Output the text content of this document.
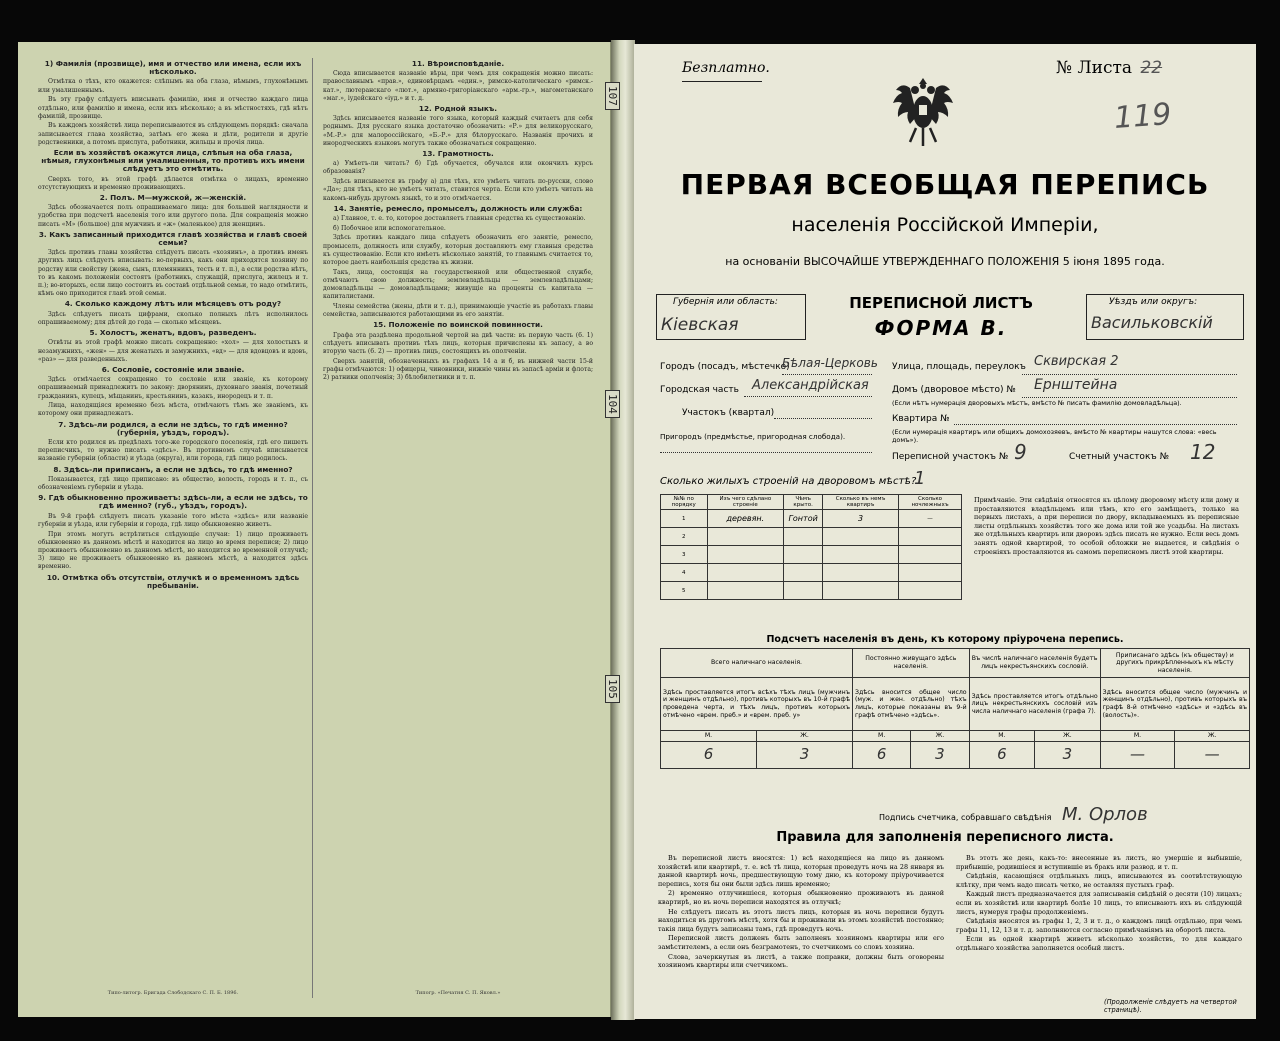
1) Фамилія (прозвище), имя и отчество или имена, если ихъ нѣсколько.

Отмѣтка о тѣхъ, кто окажется: слѣпымъ на оба глаза, нѣмымъ, глухонѣмымъ или умалишеннымъ.

Въ эту графу слѣдуетъ вписывать фамилію, имя и отчество каждаго лица отдѣльно, или фамилію и имена, если ихъ нѣсколько; а въ мѣстностяхъ, гдѣ нѣтъ фамилій, прозвище.

Въ каждомъ хозяйствѣ лица переписываются въ слѣдующемъ порядкѣ: сначала записывается глава хозяйства, затѣмъ его жена и дѣти, родители и другіе родственники, а потомъ прислуга, работники, жильцы и прочія лица.

Если въ хозяйствѣ окажутся лица, слѣпыя на оба глаза, нѣмыя, глухонѣмыя или умалишенныя, то противъ ихъ имени слѣдуетъ это отмѣтить.

Сверхъ того, въ этой графѣ дѣлается отмѣтка о лицахъ, временно отсутствующихъ и временно проживающихъ.

2. Полъ. М—мужской, ж—женскій.

Здѣсь обозначается полъ опрашиваемаго лица: для большей наглядности и удобства при подсчетѣ населенія того или другого пола. Для сокращенія можно писать «М» (большое) для мужчинъ и «ж» (маленькое) для женщинъ.

3. Какъ записанный приходится главѣ хозяйства и главѣ своей семьи?

Здѣсь противъ главы хозяйства слѣдуетъ писать «хозяинъ», а противъ именъ другихъ лицъ слѣдуетъ вписывать: во-первыхъ, какъ они приходятся хозяину по родству или свойству (жена, сынъ, племянникъ, тесть и т. п.), а если родства нѣтъ, то въ какомъ положеніи состоятъ (работникъ, служащій, прислуга, жилецъ и т. п.); во-вторыхъ, если лицо состоитъ въ составѣ отдѣльной семьи, то надо отмѣтить, кѣмъ оно приходится главѣ этой семьи.

4. Сколько каждому лѣтъ или мѣсяцевъ отъ роду?

Здѣсь слѣдуетъ писать цифрами, сколько полныхъ лѣтъ исполнилось опрашиваемому; для дѣтей до года — сколько мѣсяцевъ.

5. Холостъ, женатъ, вдовъ, разведенъ.

Отвѣты въ этой графѣ можно писать сокращенно: «хол» — для холостыхъ и незамужнихъ, «жен» — для женатыхъ и замужнихъ, «вд» — для вдовцовъ и вдовъ, «раз» — для разведенныхъ.

6. Сословіе, состояніе или званіе.

Здѣсь отмѣчается сокращенно то сословіе или званіе, къ которому опрашиваемый принадлежитъ по закону: дворянинъ, духовнаго званія, почетный гражданинъ, купецъ, мѣщанинъ, крестьянинъ, казакъ, инородецъ и т. п.

Лица, находящіяся временно безъ мѣста, отмѣчаютъ тѣмъ же званіемъ, къ которому они принадлежатъ.

7. Здѣсь-ли родился, а если не здѣсь, то гдѣ именно? (губернія, уѣздъ, городъ).

Если кто родился въ предѣлахъ того-же городского поселенія, гдѣ его пишетъ переписчикъ, то нужно писать «здѣсь». Въ противномъ случаѣ вписывается названіе губерніи (области) и уѣзда (округа), или города, гдѣ лицо родилось.

8. Здѣсь-ли приписанъ, а если не здѣсь, то гдѣ именно?

Показывается, гдѣ лицо приписано: въ общество, волость, городъ и т. п., съ обозначеніемъ губерніи и уѣзда.

9. Гдѣ обыкновенно проживаетъ: здѣсь-ли, а если не здѣсь, то гдѣ именно? (губ., уѣздъ, городъ).

Въ 9-й графѣ слѣдуетъ писать указаніе того мѣста «здѣсь» или названіе губерніи и уѣзда, или губерніи и города, гдѣ лицо обыкновенно живетъ.

При этомъ могутъ встрѣтиться слѣдующіе случаи: 1) лицо проживаетъ обыкновенно въ данномъ мѣстѣ и находится на лицо во время переписи; 2) лицо проживаетъ обыкновенно въ данномъ мѣстѣ, но находится во временной отлучкѣ; 3) лицо не проживаетъ обыкновенно въ данномъ мѣстѣ, а находится здѣсь временно.

10. Отмѣтка объ отсутствіи, отлучкѣ и о временномъ здѣсь пребываніи.
Типо-литогр. Бригада Слободскаго С. П. Б. 1896.
11. Вѣроисповѣданіе.

Сюда вписывается названіе вѣры, при чемъ для сокращенія можно писать: православнымъ «прав.», единовѣрцамъ «един.», римско-католическаго «римск.-кат.», лютеранскаго «лют.», армяно-григоріанскаго «арм.-гр.», магометанскаго «маг.», іудейскаго «іуд.» и т. д.

12. Родной языкъ.

Здѣсь вписывается названіе того языка, который каждый считаетъ для себя роднымъ. Для русскаго языка достаточно обозначить: «Р.» для великорусскаго, «М.-Р.» для малороссійскаго, «Б.-Р.» для бѣлорусскаго. Названія прочихъ и инородческихъ языковъ могутъ также обозначаться сокращенно.

13. Грамотность.

а) Умѣетъ-ли читать? б) Гдѣ обучается, обучался или окончилъ курсъ образованія?

Здѣсь вписывается въ графу а) для тѣхъ, кто умѣетъ читать по-русски, слово «Да»; для тѣхъ, кто не умѣетъ читать, ставится черта. Если кто умѣетъ читать на какомъ-нибудь другомъ языкѣ, то и это отмѣчается.

14. Занятіе, ремесло, промыселъ, должность или служба:

а) Главное, т. е. то, которое доставляетъ главныя средства къ существованію.

б) Побочное или вспомогательное.

Здѣсь противъ каждаго лица слѣдуетъ обозначить его занятіе, ремесло, промыселъ, должность или службу, которыя доставляютъ ему главныя средства къ существованію. Если кто имѣетъ нѣсколько занятій, то главнымъ считается то, которое даетъ наибольшія средства къ жизни.

Такъ, лица, состоящія на государственной или общественной службе, отмѣчаютъ свою должность; землевладѣльцы — землевладѣльцами; домовладѣльцы — домовладѣльцами; живущіе на проценты съ капитала — капиталистами.

Члены семейства (жены, дѣти и т. д.), принимающіе участіе въ работахъ главы семейства, записываются работающими въ его занятіи.

15. Положеніе по воинской повинности.

Графа эта раздѣлена продольной чертой на двѣ части: въ первую часть (6. 1) слѣдуетъ вписывать противъ тѣхъ лицъ, которыя причислены къ запасу, а во вторую часть (6. 2) — противъ лицъ, состоящихъ въ ополченіи.

Сверхъ занятій, обозначенныхъ въ графахъ 14 а и б, въ нижней части 15-й графы отмѣчаются: 1) офицеры, чиновники, нижніе чины въ запасѣ арміи и флота; 2) ратники ополченія; 3) бѣлобилетники и т. п.

Типогр. «Печатня С. П. Яковл.»
107
104
105
Безплатно.	№ Листа 22
119
ПЕРВАЯ ВСЕОБЩАЯ ПЕРЕПИСЬ
населенія Россійской Имперіи,
на основаніи ВЫСОЧАЙШЕ УТВЕРЖДЕННАГО ПОЛОЖЕНІЯ 5 іюня 1895 года.
Губернія или область:
Кіевская
ПЕРЕПИСНОЙ ЛИСТЪ
ФОРМА В.
Уѣздъ или округъ:
Васильковскій
Городъ (посадъ, мѣстечко)
Бѣлая-Церковь
Городская часть Александрійская
Участокъ (квартал)
Пригородъ (предмѣстье, пригородная слобода).
Улица, площадь, переулокъ Сквирская 2
Домъ (дворовое мѣсто) № Ернштейна
(Если нѣтъ нумерація дворовыхъ мѣстъ, вмѣсто № писать фамилію домовладѣльца).
Квартира №
(Если нумерація квартиръ или общихъ домохозяевъ, вмѣсто № квартиры нашутся слова: «весь домъ»).
Переписной участокъ № 9	Счетный участокъ № 12
Сколько жилыхъ строеній на дворовомъ мѣстѣ?
1
№№ по порядку	Изъ чего сдѣлано строеніе	Чѣмъ крыто.	Сколько въ немъ квартиръ	Сколько ночлежныхъ
1	деревян.	Гонтой	3	—
2				
3				
4				
5				
Примѣчаніе. Эти свѣдѣнія относятся къ цѣлому дворовому мѣсту или дому и проставляются владѣльцемъ или тѣмъ, кто его замѣщаетъ, только на первыхъ листахъ, а при переписи по двору, вкладываемыхъ въ переписные листы отдѣльныхъ хозяйствъ того же дома или той же усадьбы. На листахъ же отдѣльныхъ квартиръ или дворовъ здѣсь писать не нужно. Если весь домъ занятъ одной квартирой, то особой обложки не выдается, и свѣдѣнія о строеніяхъ проставляются въ самомъ переписномъ листѣ этой квартиры.
Подсчетъ населенія въ день, къ которому пріурочена перепись.
Всего наличнаго населенія.		Постоянно живущаго здѣсь населенія.		Въ числѣ наличнаго населенія будетъ лицъ некрестьянскихъ сословій.		Приписанаго здѣсь (къ обществу) и другихъ прикрѣпленныхъ къ мѣсту населенія.	
Здѣсь проставляется итогъ всѣхъ тѣхъ лицъ (мужчинъ и женщинъ отдѣльно), противъ которыхъ въ 10-й графѣ проведена черта, и тѣхъ лицъ, противъ которыхъ отмѣчено «врем. преб.» и «врем. преб. у»		Здѣсь вносится общее число (муж. и жен. отдѣльно) тѣхъ лицъ, которые показаны въ 9-й графѣ отмѣчено «здѣсь».		Здѣсь проставляется итогъ отдѣльно лицъ некрестьянскихъ сословій изъ числа наличнаго населенія (графа 7).		Здѣсь вносится общее число (мужчинъ и женщинъ отдѣльно), противъ которыхъ въ графѣ 8-й отмѣчено «здѣсь» и «здѣсь въ (волость)».	
М.	Ж.	М.	Ж.	М.	Ж.	М.	Ж.
6	3	6	3	6	3	—	—
Подпись счетчика, собравшаго свѣдѣнія М. Орлов
Правила для заполненія переписного листа.

Въ переписной листъ вносятся: 1) всѣ находящіеся на лицо въ данномъ хозяйствѣ или квартирѣ, т. е. всѣ тѣ лица, которыя проведутъ ночь на 28 января въ данной квартирѣ ночь, предшествующую тому дню, къ которому пріурочивается перепись, хотя бы они были здѣсь лишь временно;

2) временно отлучившіеся, которыя обыкновенно проживаютъ въ данной квартирѣ, но въ ночь переписи находятся въ отлучкѣ;

Не слѣдуетъ писать въ этотъ листъ лицъ, которыя въ ночь переписи будутъ находиться въ другомъ мѣстѣ, хотя бы и проживали въ этомъ хозяйствѣ постоянно; такія лица будутъ записаны тамъ, гдѣ проведутъ ночь.

Переписной листъ долженъ быть заполненъ хозяиномъ квартиры или его замѣстителемъ, а если онъ безграмотенъ, то счетчикомъ со словъ хозяина.

Слова, зачеркнутыя въ листѣ, а также поправки, должны быть оговорены хозяиномъ квартиры или счетчикомъ.

Въ этотъ же день, какъ-то: внесенные въ листъ, но умершіе и выбывшіе, прибывшіе, родившіеся и вступившіе въ бракъ или развод. и т. п.

Свѣдѣнія, касающіяся отдѣльныхъ лицъ, вписываются въ соотвѣтствующую клѣтку, при чемъ надо писать четко, не оставляя пустыхъ граф.

Каждый листъ предназначается для записыванія свѣдѣній о десяти (10) лицахъ; если въ хозяйствѣ или квартирѣ болѣе 10 лицъ, то вписываютъ ихъ въ слѣдующій листъ, нумеруя графы продолженіемъ.

Свѣдѣнія вносятся въ графы 1, 2, 3 и т. д., о каждомъ лицѣ отдѣльно, при чемъ графы 11, 12, 13 и т. д. заполняются согласно примѣчаніямъ на оборотѣ листа.

Если въ одной квартирѣ живетъ нѣсколько хозяйствъ, то для каждаго отдѣльнаго хозяйства заполняется особый листъ.

(Продолженіе слѣдуетъ на четвертой страницѣ).
